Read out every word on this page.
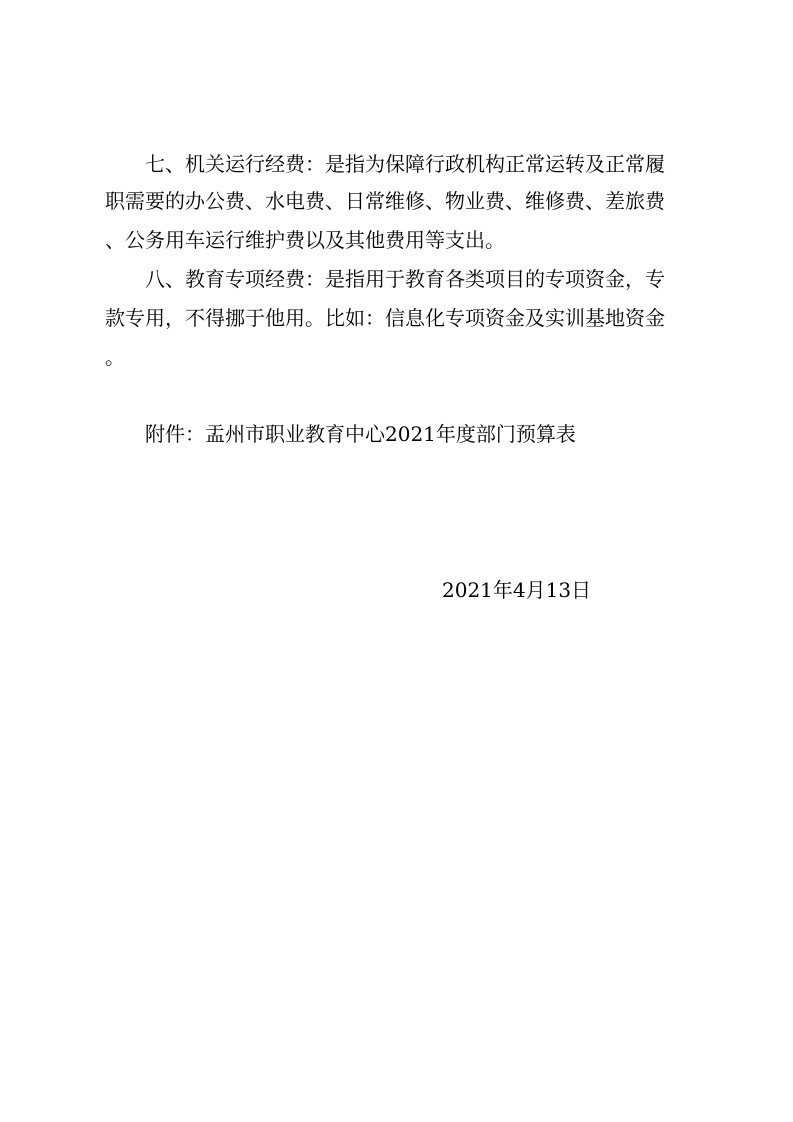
七、机关运行经费：是指为保障行政机构正常运转及正常履
职需要的办公费、水电费、日常维修、物业费、维修费、差旅费
、公务用车运行维护费以及其他费用等支出。
八、教育专项经费：是指用于教育各类项目的专项资金，专
款专用，不得挪于他用。比如：信息化专项资金及实训基地资金
。
附件：盂州市职业教育中心2021年度部门预算表
2021年4月13日
